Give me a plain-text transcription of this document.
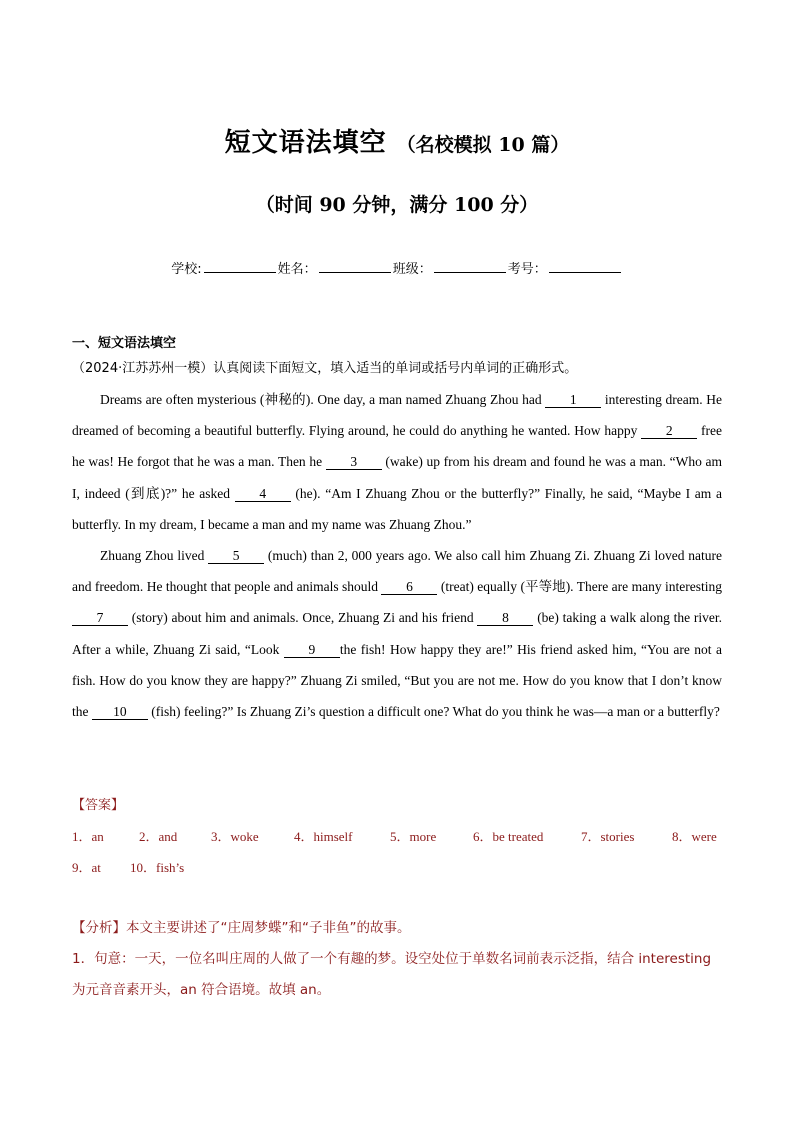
短文语法填空 （名校模拟 10 篇）
（时间 90 分钟，满分 100 分）
学校:	姓名：	班级：	考号：
一、短文语法填空
（2024·江苏苏州一模）认真阅读下面短文，填入适当的单词或括号内单词的正确形式。

Dreams are often mysterious (神秘的). One day, a man named Zhuang Zhou had 1 interesting dream. He dreamed of becoming a beautiful butterfly. Flying around, he could do anything he wanted. How happy 2 free he was! He forgot that he was a man. Then he 3 (wake) up from his dream and found he was a man. “Who am I, indeed (到底)?” he asked 4 (he). “Am I Zhuang Zhou or the butterfly?” Finally, he said, “Maybe I am a butterfly. In my dream, I became a man and my name was Zhuang Zhou.”

Zhuang Zhou lived 5 (much) than 2, 000 years ago. We also call him Zhuang Zi. Zhuang Zi loved nature and freedom. He thought that people and animals should 6 (treat) equally (平等地). There are many interesting 7 (story) about him and animals. Once, Zhuang Zi and his friend 8 (be) taking a walk along the river. After a while, Zhuang Zi said, “Look 9 the fish! How happy they are!” His friend asked him, “You are not a fish. How do you know they are happy?” Zhuang Zi smiled, “But you are not me. How do you know that I don’t know the 10 (fish) feeling?” Is Zhuang Zi’s question a difficult one? What do you think he was—a man or a butterfly?

【答案】
1．an	2．and	3．woke	4．himself	5．more	6．be treated	7．stories	8．were
9．at 10．fish’s

【分析】本文主要讲述了“庄周梦蝶”和“子非鱼”的故事。

1．句意：一天，一位名叫庄周的人做了一个有趣的梦。设空处位于单数名词前表示泛指，结合 interesting 为元音音素开头，an 符合语境。故填 an。
